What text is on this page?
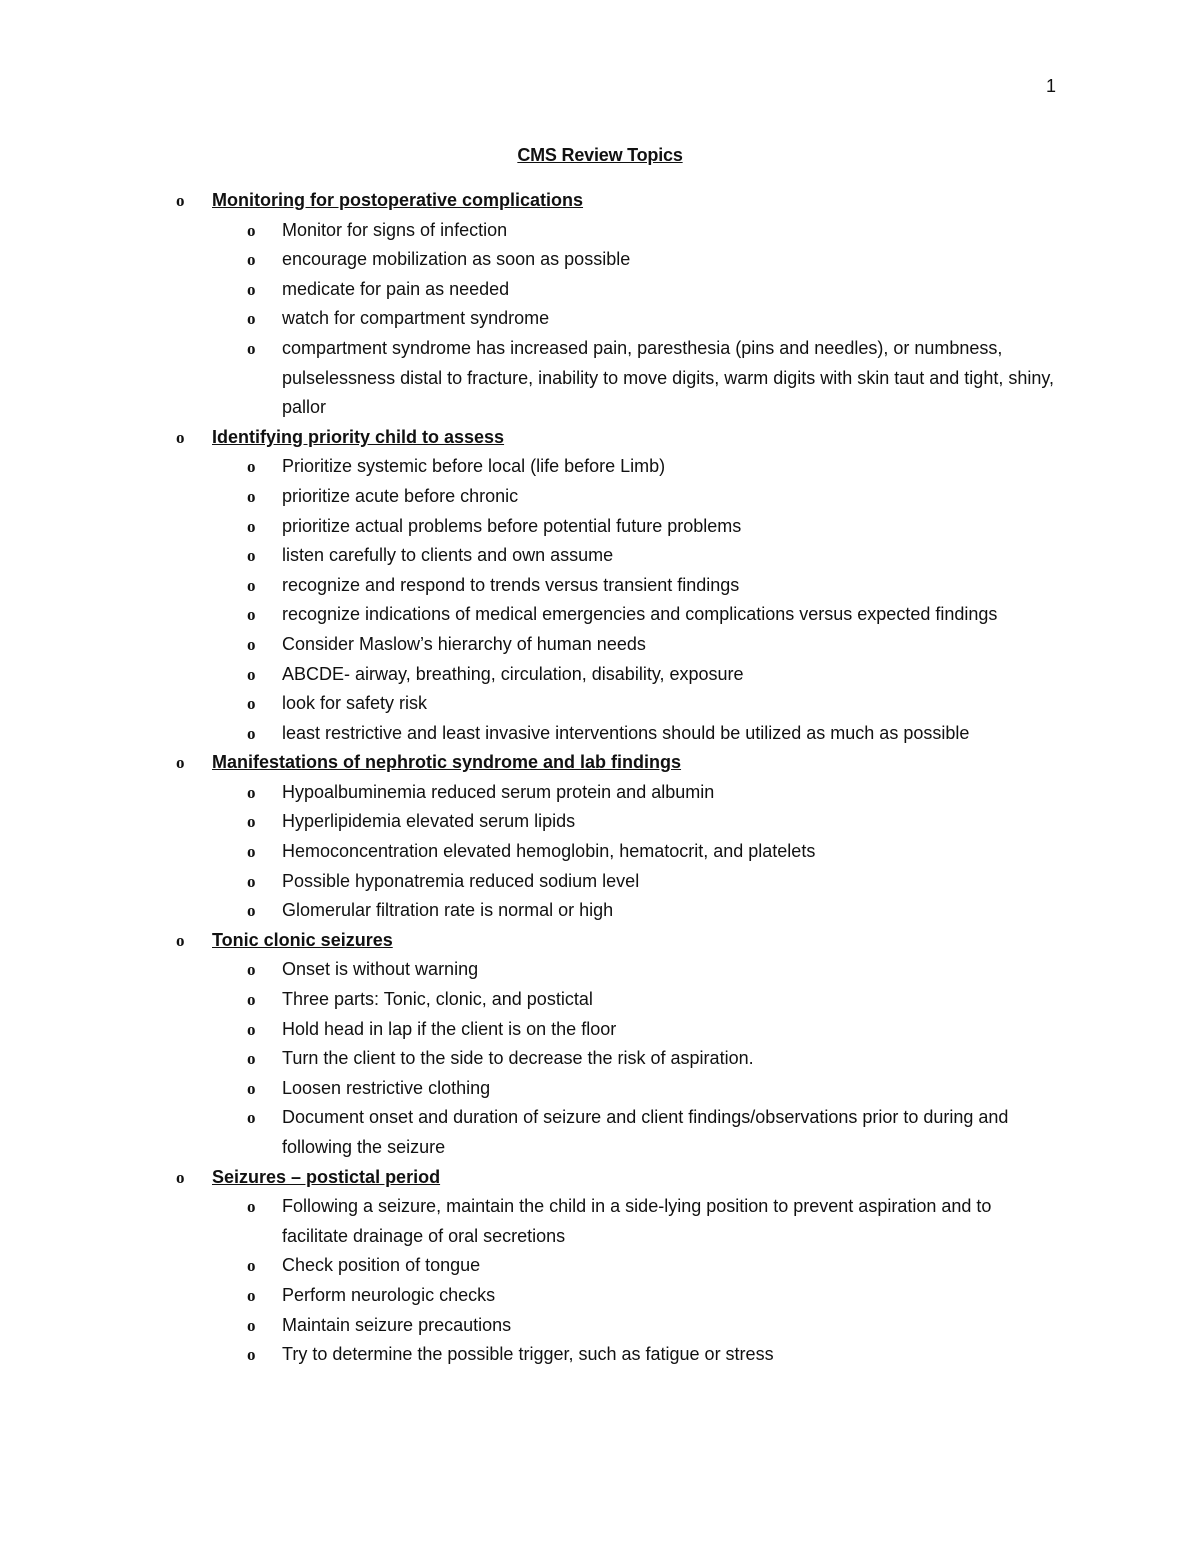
1
CMS Review Topics
o Monitoring for postoperative complications
o Monitor for signs of infection
o encourage mobilization as soon as possible
o medicate for pain as needed
o watch for compartment syndrome
o compartment syndrome has increased pain, paresthesia (pins and needles), or numbness, pulselessness distal to fracture, inability to move digits, warm digits with skin taut and tight, shiny, pallor
o Identifying priority child to assess
o Prioritize systemic before local (life before Limb)
o prioritize acute before chronic
o prioritize actual problems before potential future problems
o listen carefully to clients and own assume
o recognize and respond to trends versus transient findings
o recognize indications of medical emergencies and complications versus expected findings
o Consider Maslow’s hierarchy of human needs
o ABCDE- airway, breathing, circulation, disability, exposure
o look for safety risk
o least restrictive and least invasive interventions should be utilized as much as possible
o Manifestations of nephrotic syndrome and lab findings
o Hypoalbuminemia reduced serum protein and albumin
o Hyperlipidemia elevated serum lipids
o Hemoconcentration elevated hemoglobin, hematocrit, and platelets
o Possible hyponatremia reduced sodium level
o Glomerular filtration rate is normal or high
o Tonic clonic seizures
o Onset is without warning
o Three parts: Tonic, clonic, and postictal
o Hold head in lap if the client is on the floor
o Turn the client to the side to decrease the risk of aspiration.
o Loosen restrictive clothing
o Document onset and duration of seizure and client findings/observations prior to during and following the seizure
o Seizures – postictal period
o Following a seizure, maintain the child in a side-lying position to prevent aspiration and to facilitate drainage of oral secretions
o Check position of tongue
o Perform neurologic checks
o Maintain seizure precautions
o Try to determine the possible trigger, such as fatigue or stress
